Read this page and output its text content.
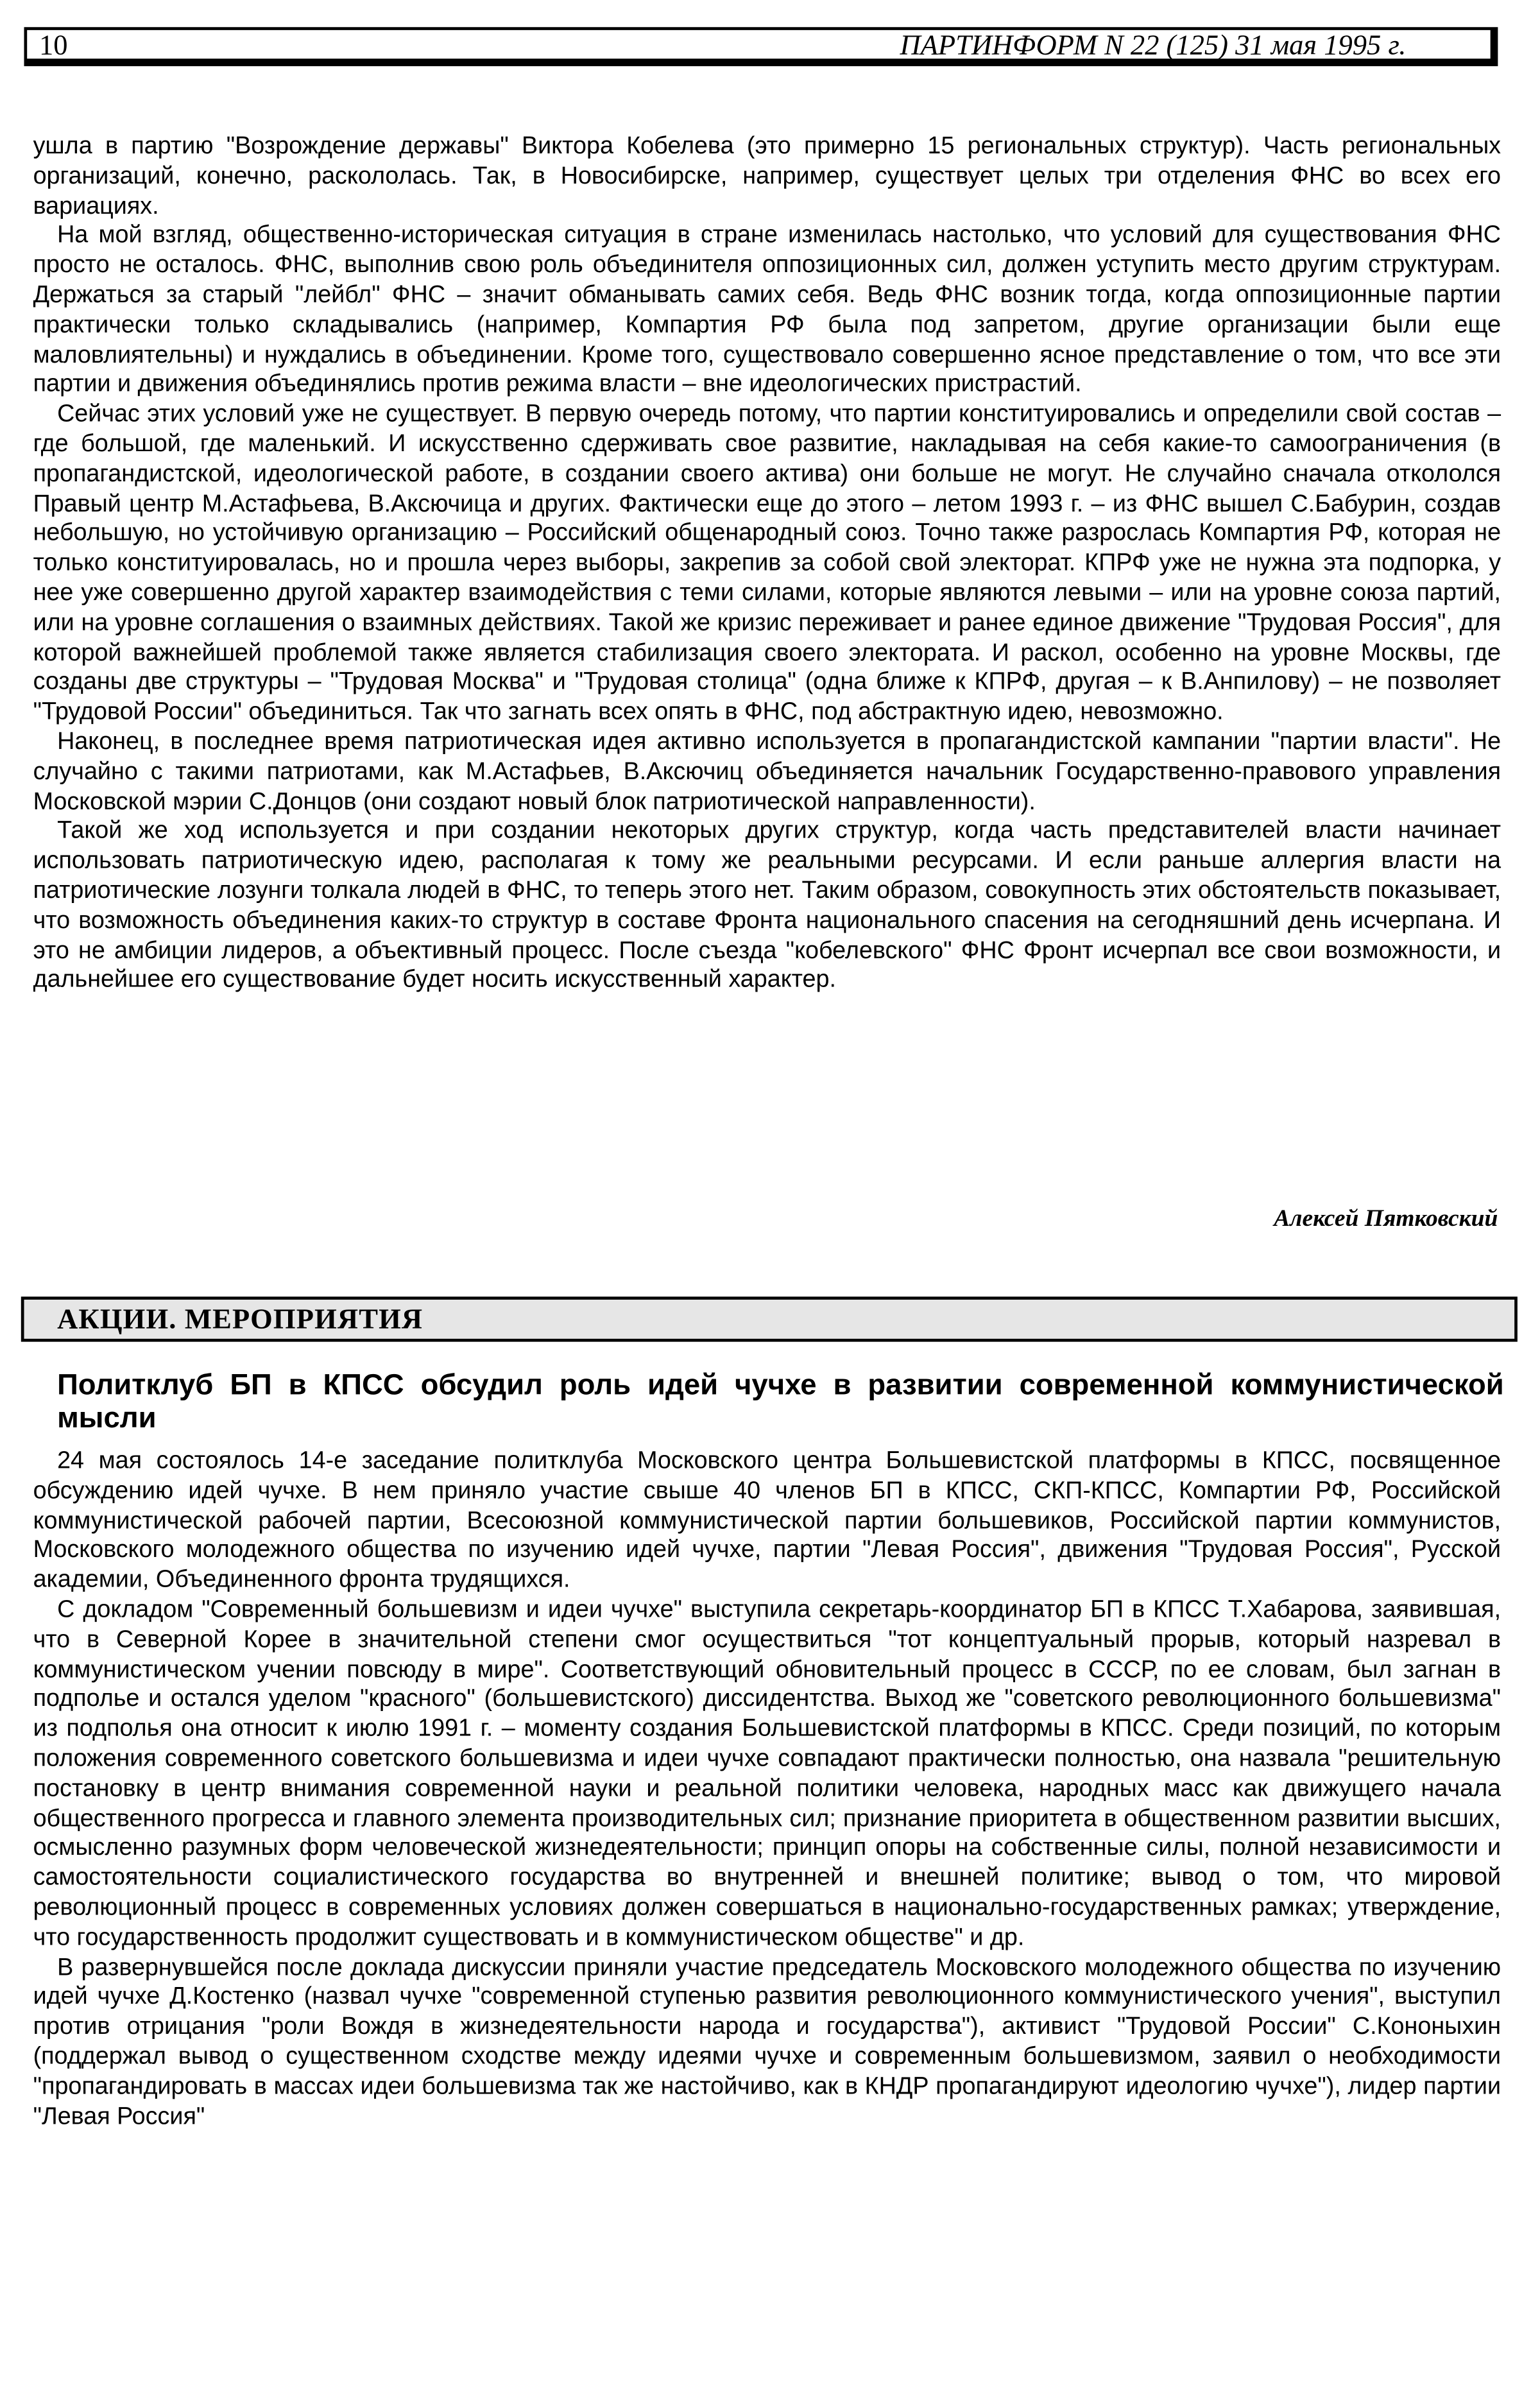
10	ПАРТИНФОРМ N 22 (125) 31 мая 1995 г.

ушла в партию "Возрождение державы" Виктора Кобелева (это примерно 15 региональных структур). Часть региональных организаций, конечно, раскололась. Так, в Новосибирске, например, существует целых три отделения ФНС во всех его вариациях.

На мой взгляд, общественно-историческая ситуация в стране изменилась настолько, что условий для существования ФНС просто не осталось. ФНС, выполнив свою роль объединителя оппозиционных сил, должен уступить место другим структурам. Держаться за старый "лейбл" ФНС – значит обманывать самих себя. Ведь ФНС возник тогда, когда оппозиционные партии практически только складывались (например, Компартия РФ была под запретом, другие организации были еще маловлиятельны) и нуждались в объединении. Кроме того, существовало совершенно ясное представление о том, что все эти партии и движения объединялись против режима власти – вне идеологических пристрастий.

Сейчас этих условий уже не существует. В первую очередь потому, что партии конституировались и определили свой состав – где большой, где маленький. И искусственно сдерживать свое развитие, накладывая на себя какие-то самоограничения (в пропагандистской, идеологической работе, в создании своего актива) они больше не могут. Не случайно сначала откололся Правый центр М.Астафьева, В.Аксючица и других. Фактически еще до этого – летом 1993 г. – из ФНС вышел С.Бабурин, создав небольшую, но устойчивую организацию – Российский общенародный союз. Точно также разрослась Компартия РФ, которая не только конституировалась, но и прошла через выборы, закрепив за собой свой электорат. КПРФ уже не нужна эта подпорка, у нее уже совершенно другой характер взаимодействия с теми силами, которые являются левыми – или на уровне союза партий, или на уровне соглашения о взаимных действиях. Такой же кризис переживает и ранее единое движение "Трудовая Россия", для которой важнейшей проблемой также является стабилизация своего электората. И раскол, особенно на уровне Москвы, где созданы две структуры – "Трудовая Москва" и "Трудовая столица" (одна ближе к КПРФ, другая – к В.Анпилову) – не позволяет "Трудовой России" объединиться. Так что загнать всех опять в ФНС, под абстрактную идею, невозможно.

Наконец, в последнее время патриотическая идея активно используется в пропагандистской кампании "партии власти". Не случайно с такими патриотами, как М.Астафьев, В.Аксючиц объединяется начальник Государственно-правового управления Московской мэрии С.Донцов (они создают новый блок патриотической направленности).

Такой же ход используется и при создании некоторых других структур, когда часть представителей власти начинает использовать патриотическую идею, располагая к тому же реальными ресурсами. И если раньше аллергия власти на патриотические лозунги толкала людей в ФНС, то теперь этого нет. Таким образом, совокупность этих обстоятельств показывает, что возможность объединения каких-то структур в составе Фронта национального спасения на сегодняшний день исчерпана. И это не амбиции лидеров, а объективный процесс. После съезда "кобелевского" ФНС Фронт исчерпал все свои возможности, и дальнейшее его существование будет носить искусственный характер.

Алексей Пятковский
АКЦИИ. МЕРОПРИЯТИЯ
Политклуб БП в КПСС обсудил роль идей чучхе в развитии современной коммунистической мысли

24 мая состоялось 14-е заседание политклуба Московского центра Большевистской платформы в КПСС, посвященное обсуждению идей чучхе. В нем приняло участие свыше 40 членов БП в КПСС, СКП-КПСС, Компартии РФ, Российской коммунистической рабочей партии, Всесоюзной коммунистической партии большевиков, Российской партии коммунистов, Московского молодежного общества по изучению идей чучхе, партии "Левая Россия", движения "Трудовая Россия", Русской академии, Объединенного фронта трудящихся.

С докладом "Современный большевизм и идеи чучхе" выступила секретарь-координатор БП в КПСС Т.Хабарова, заявившая, что в Северной Корее в значительной степени смог осуществиться "тот концептуальный прорыв, который назревал в коммунистическом учении повсюду в мире". Соответствующий обновительный процесс в СССР, по ее словам, был загнан в подполье и остался уделом "красного" (большевистского) диссидентства. Выход же "советского революционного большевизма" из подполья она относит к июлю 1991 г. – моменту создания Большевистской платформы в КПСС. Среди позиций, по которым положения современного советского большевизма и идеи чучхе совпадают практически полностью, она назвала "решительную постановку в центр внимания современной науки и реальной политики человека, народных масс как движущего начала общественного прогресса и главного элемента производительных сил; признание приоритета в общественном развитии высших, осмысленно разумных форм человеческой жизнедеятельности; принцип опоры на собственные силы, полной независимости и самостоятельности социалистического государства во внутренней и внешней политике; вывод о том, что мировой революционный процесс в современных условиях должен совершаться в национально-государственных рамках; утверждение, что государственность продолжит существовать и в коммунистическом обществе" и др.

В развернувшейся после доклада дискуссии приняли участие председатель Московского молодежного общества по изучению идей чучхе Д.Костенко (назвал чучхе "современной ступенью развития революционного коммунистического учения", выступил против отрицания "роли Вождя в жизнедеятельности народа и государства"), активист "Трудовой России" С.Кононыхин (поддержал вывод о существенном сходстве между идеями чучхе и современным большевизмом, заявил о необходимости "пропагандировать в массах идеи большевизма так же настойчиво, как в КНДР пропагандируют идеологию чучхе"), лидер партии "Левая Россия"
